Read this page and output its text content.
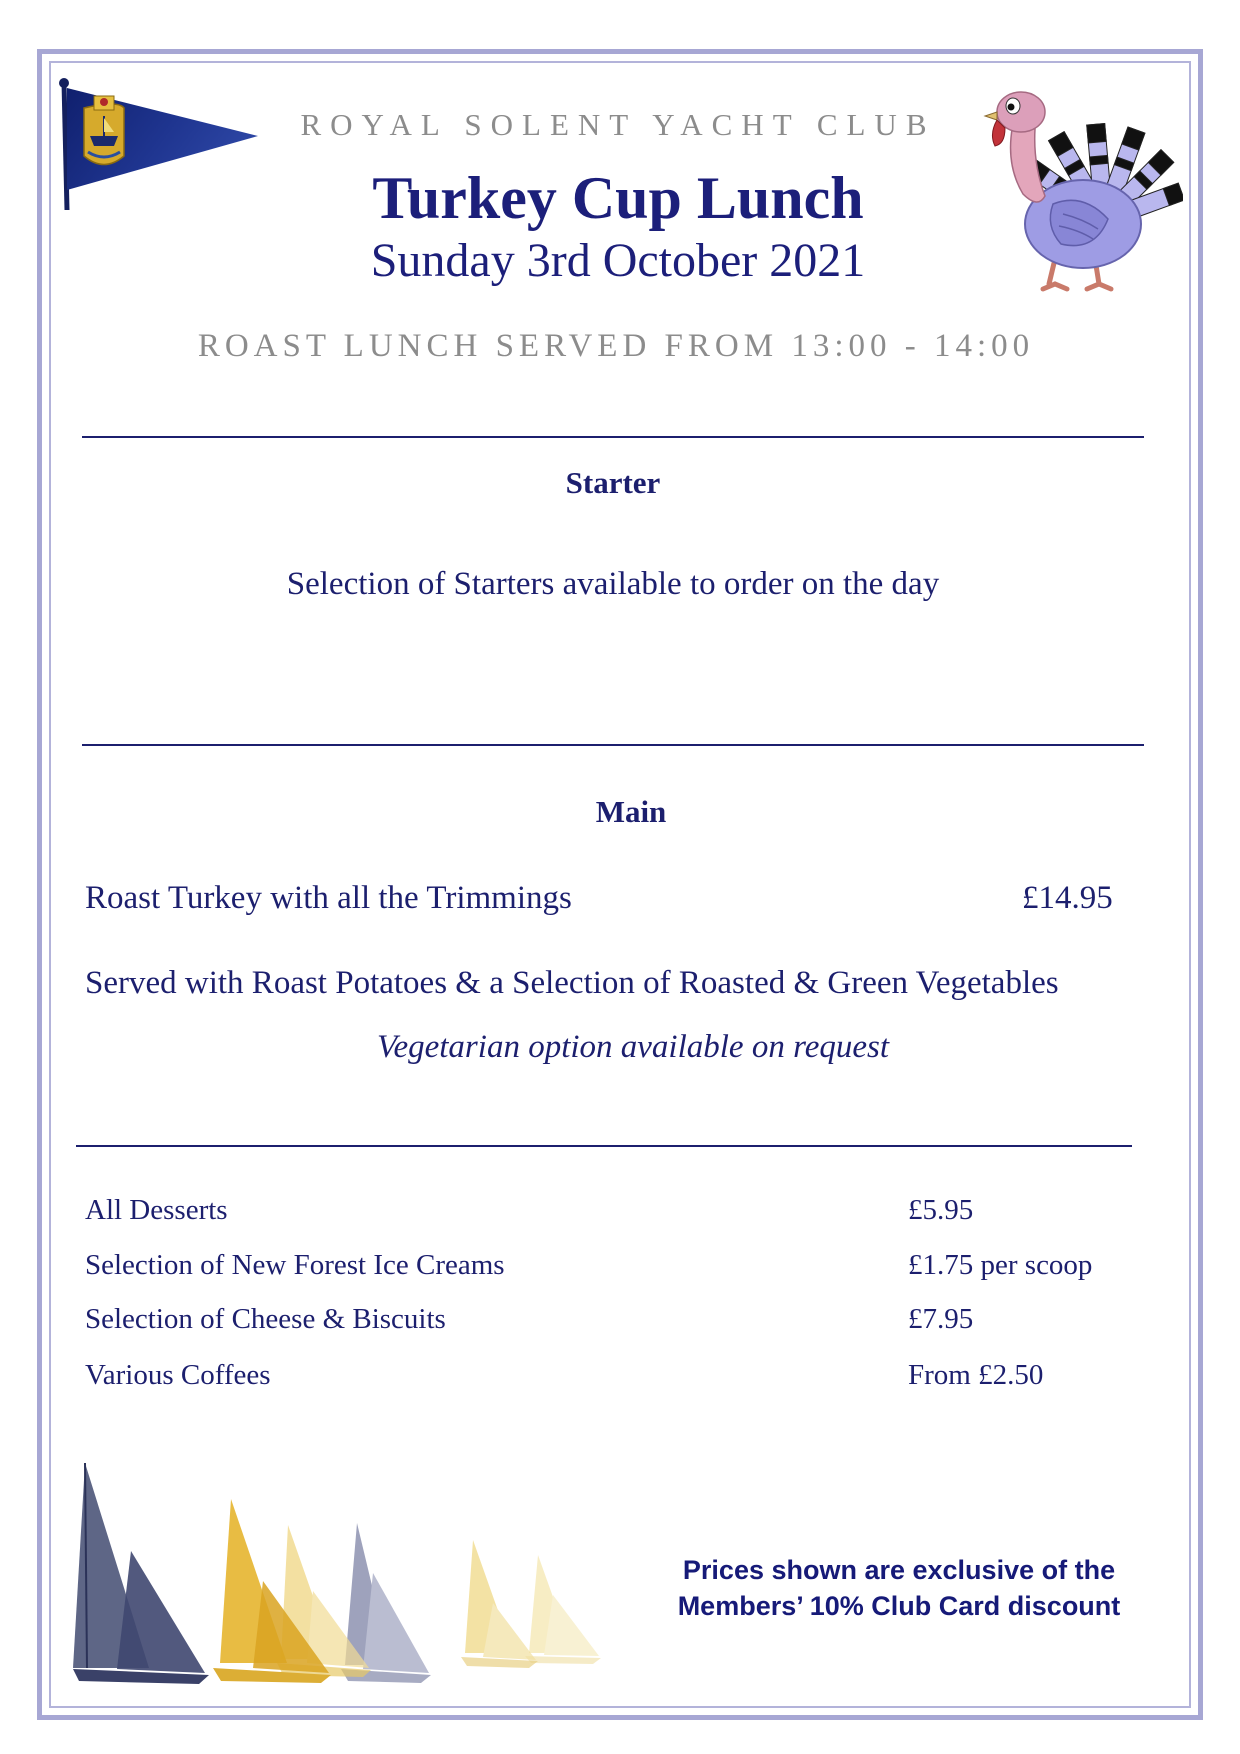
ROYAL SOLENT YACHT CLUB
Turkey Cup Lunch
Sunday 3rd October 2021
ROAST LUNCH SERVED FROM 13:00 - 14:00
Starter
Selection of Starters available to order on the day
Main
Roast Turkey with all the Trimmings	£14.95
Served with Roast Potatoes & a Selection of Roasted & Green Vegetables
Vegetarian option available on request
All Desserts	£5.95
Selection of New Forest Ice Creams	£1.75 per scoop
Selection of Cheese & Biscuits	£7.95
Various Coffees	From £2.50
Prices shown are exclusive of the
Members’ 10% Club Card discount
